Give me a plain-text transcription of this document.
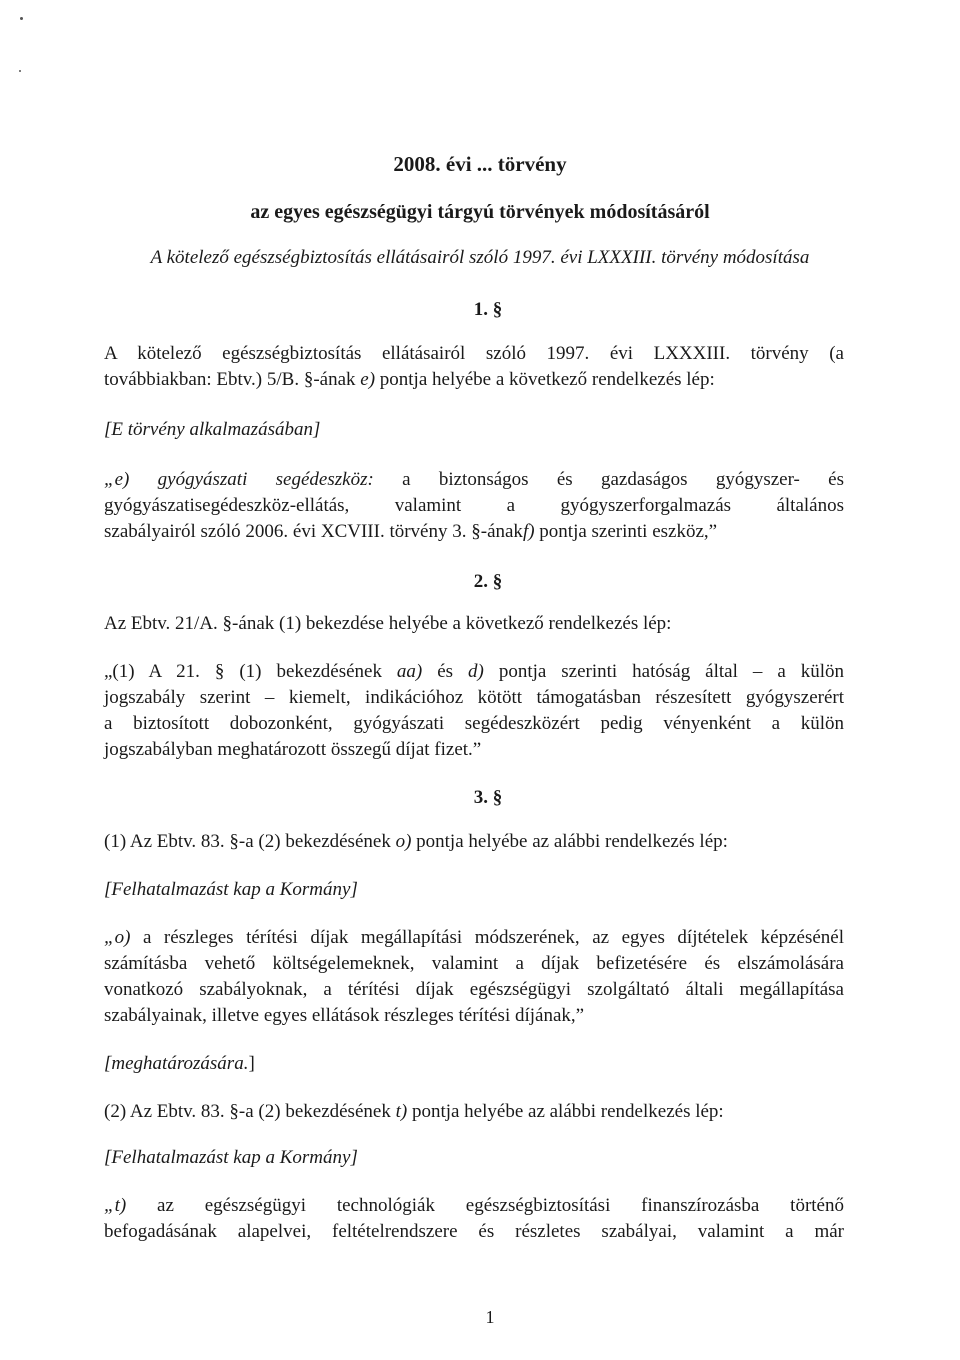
2008. évi ... törvény
az egyes egészségügyi tárgyú törvények módosításáról
A kötelező egészségbiztosítás ellátásairól szóló 1997. évi LXXXIII. törvény módosítása
1. §
A kötelező egészségbiztosítás ellátásairól szóló 1997. évi LXXXIII. törvény (a
továbbiakban: Ebtv.) 5/B. §-ának e) pontja helyébe a következő rendelkezés lép:
[E törvény alkalmazásában]
„e) gyógyászati segédeszköz: a biztonságos és gazdaságos gyógyszer- és
gyógyászatisegédeszköz-ellátás, valamint a gyógyszerforgalmazás általános
szabályairól szóló 2006. évi XCVIII. törvény 3. §-ánakf) pontja szerinti eszköz,”
2. §
Az Ebtv. 21/A. §-ának (1) bekezdése helyébe a következő rendelkezés lép:
„(1) A 21. § (1) bekezdésének aa) és d) pontja szerinti hatóság által – a külön
jogszabály szerint – kiemelt, indikációhoz kötött támogatásban részesített gyógyszerért
a biztosított dobozonként, gyógyászati segédeszközért pedig vényenként a külön
jogszabályban meghatározott összegű díjat fizet.”
3. §
(1) Az Ebtv. 83. §-a (2) bekezdésének o) pontja helyébe az alábbi rendelkezés lép:
[Felhatalmazást kap a Kormány]
„o) a részleges térítési díjak megállapítási módszerének, az egyes díjtételek képzésénél
számításba vehető költségelemeknek, valamint a díjak befizetésére és elszámolására
vonatkozó szabályoknak, a térítési díjak egészségügyi szolgáltató általi megállapítása
szabályainak, illetve egyes ellátások részleges térítési díjának,”
[meghatározására.]
(2) Az Ebtv. 83. §-a (2) bekezdésének t) pontja helyébe az alábbi rendelkezés lép:
[Felhatalmazást kap a Kormány]
„t) az egészségügyi technológiák egészségbiztosítási finanszírozásba történő
befogadásának alapelvei, feltételrendszere és részletes szabályai, valamint a már
1
